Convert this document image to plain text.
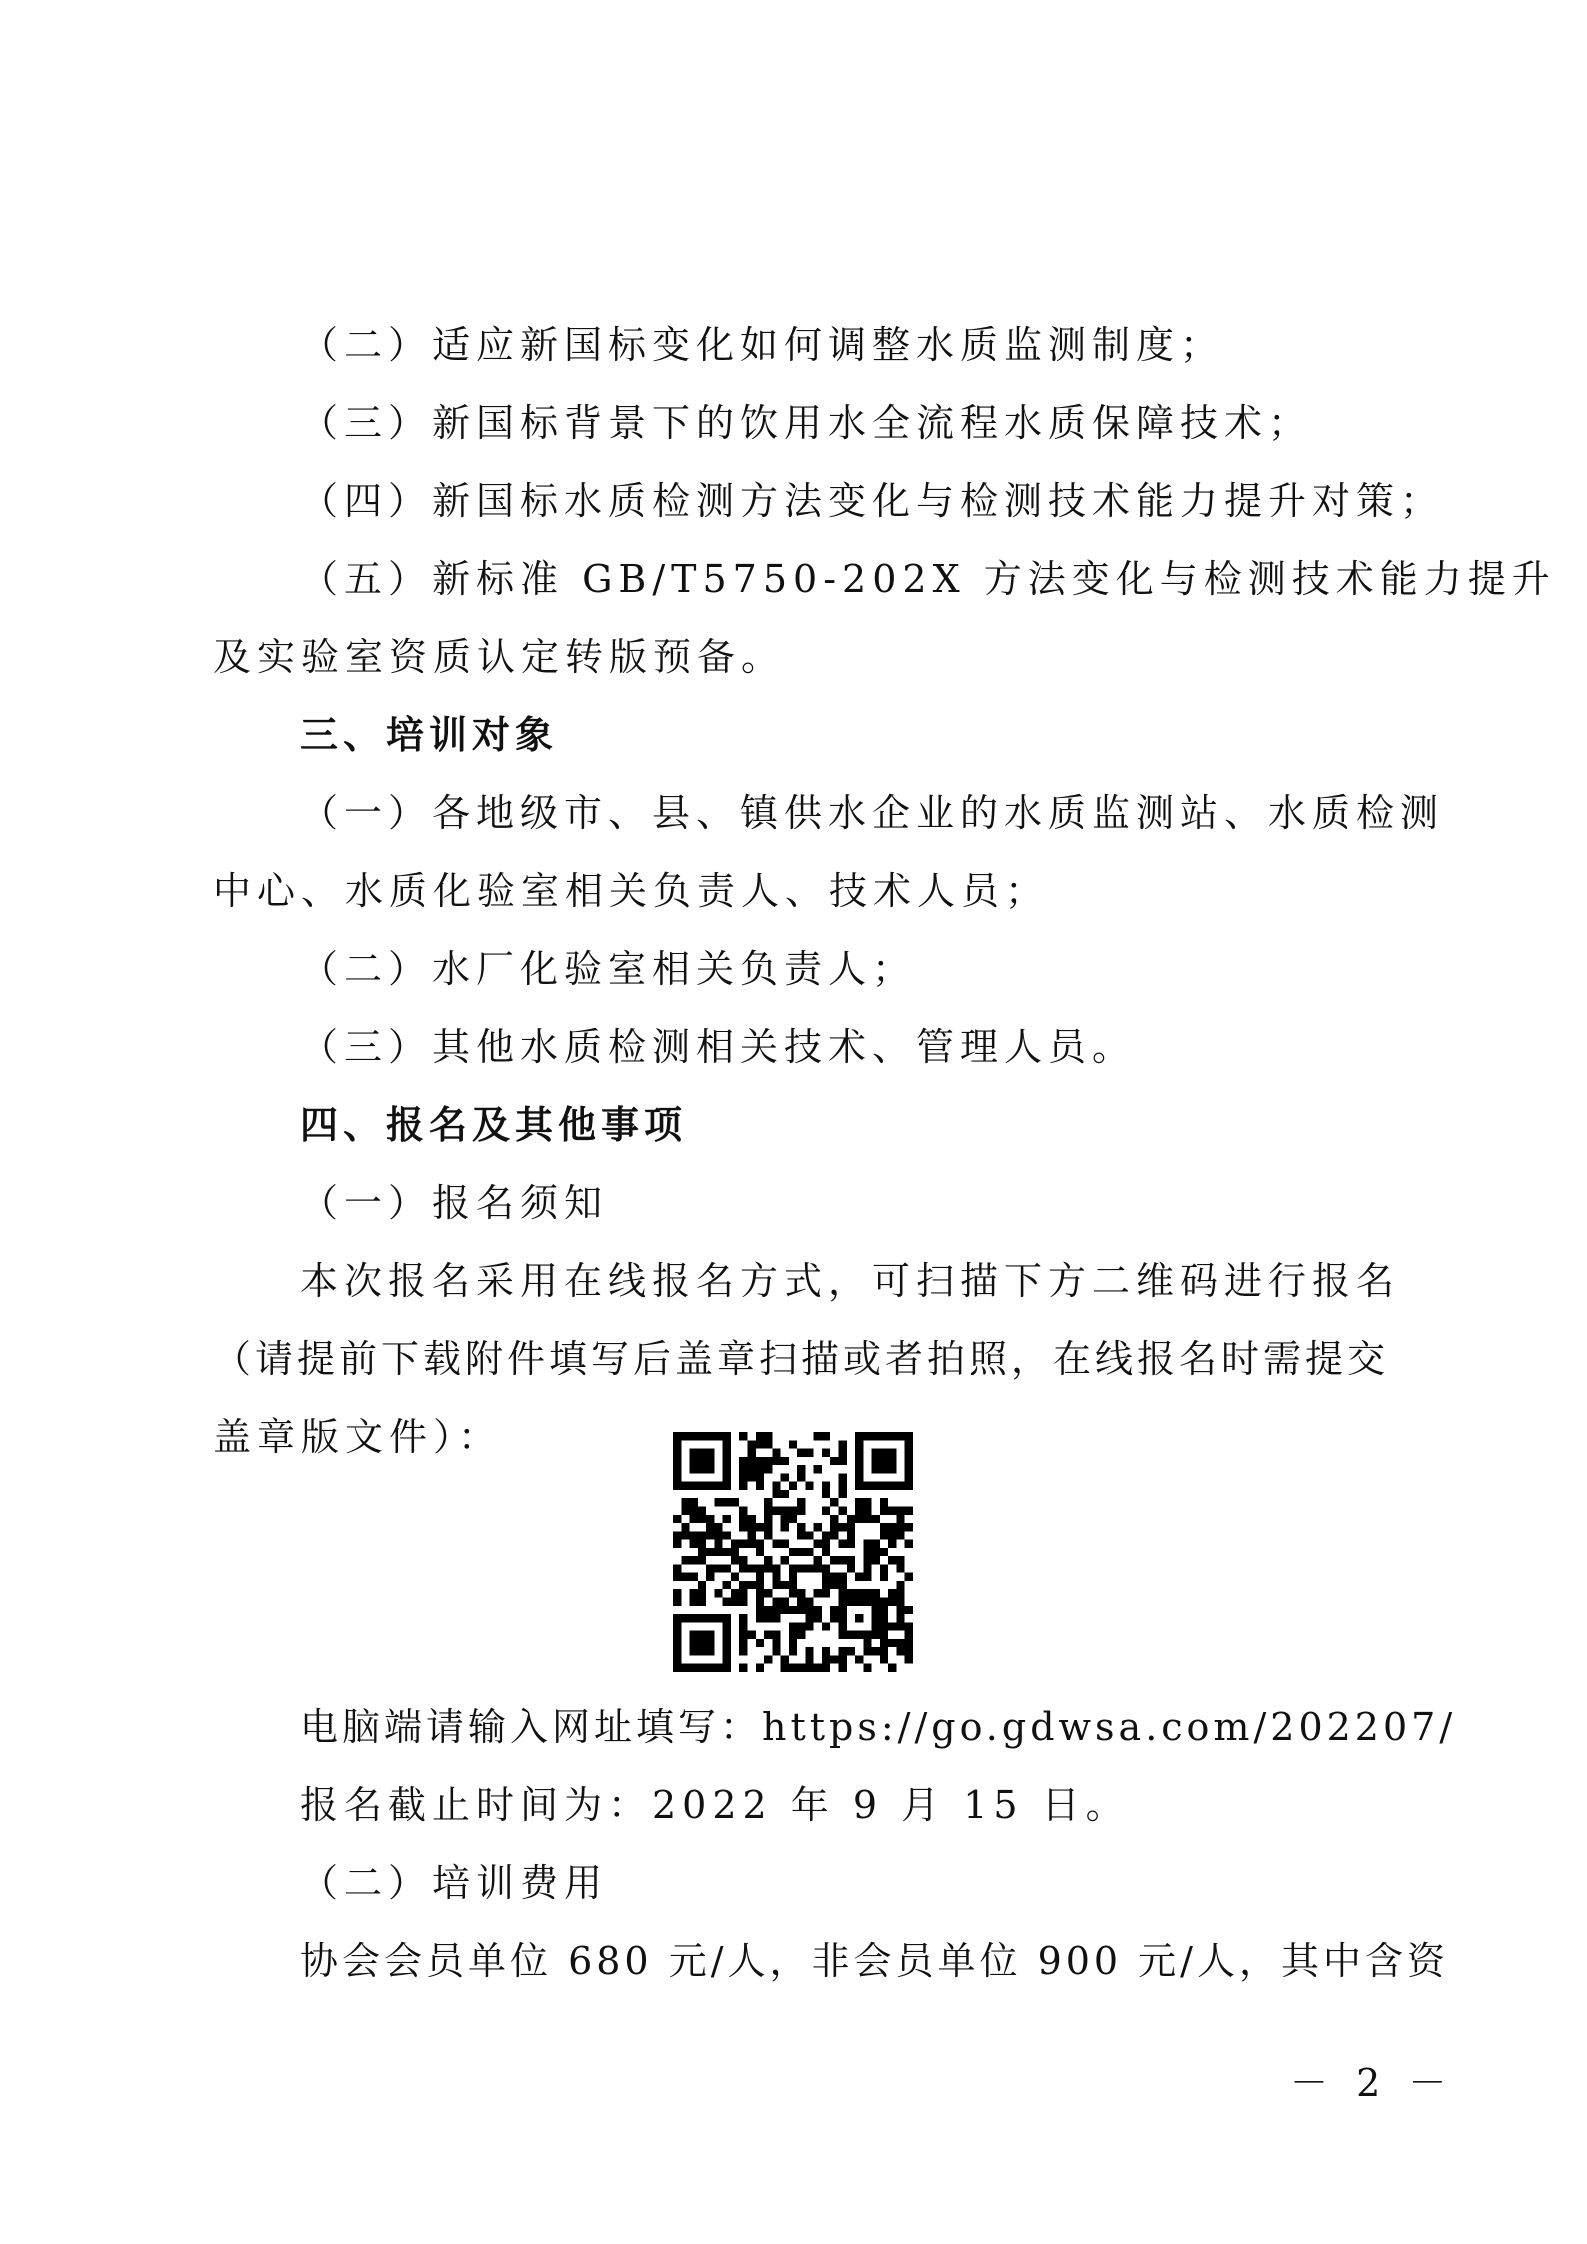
（二）适应新国标变化如何调整水质监测制度；
（三）新国标背景下的饮用水全流程水质保障技术；
（四）新国标水质检测方法变化与检测技术能力提升对策；
（五）新标准 GB/T5750-202X 方法变化与检测技术能力提升
及实验室资质认定转版预备。
三、培训对象
（一）各地级市、县、镇供水企业的水质监测站、水质检测
中心、水质化验室相关负责人、技术人员；
（二）水厂化验室相关负责人；
（三）其他水质检测相关技术、管理人员。
四、报名及其他事项
（一）报名须知
本次报名采用在线报名方式，可扫描下方二维码进行报名
（请提前下载附件填写后盖章扫描或者拍照，在线报名时需提交
盖章版文件）：
电脑端请输入网址填写：https://go.gdwsa.com/202207/
报名截止时间为：2022 年 9 月 15 日。
（二）培训费用
协会会员单位 680 元/人，非会员单位 900 元/人，其中含资
－ 2 －
